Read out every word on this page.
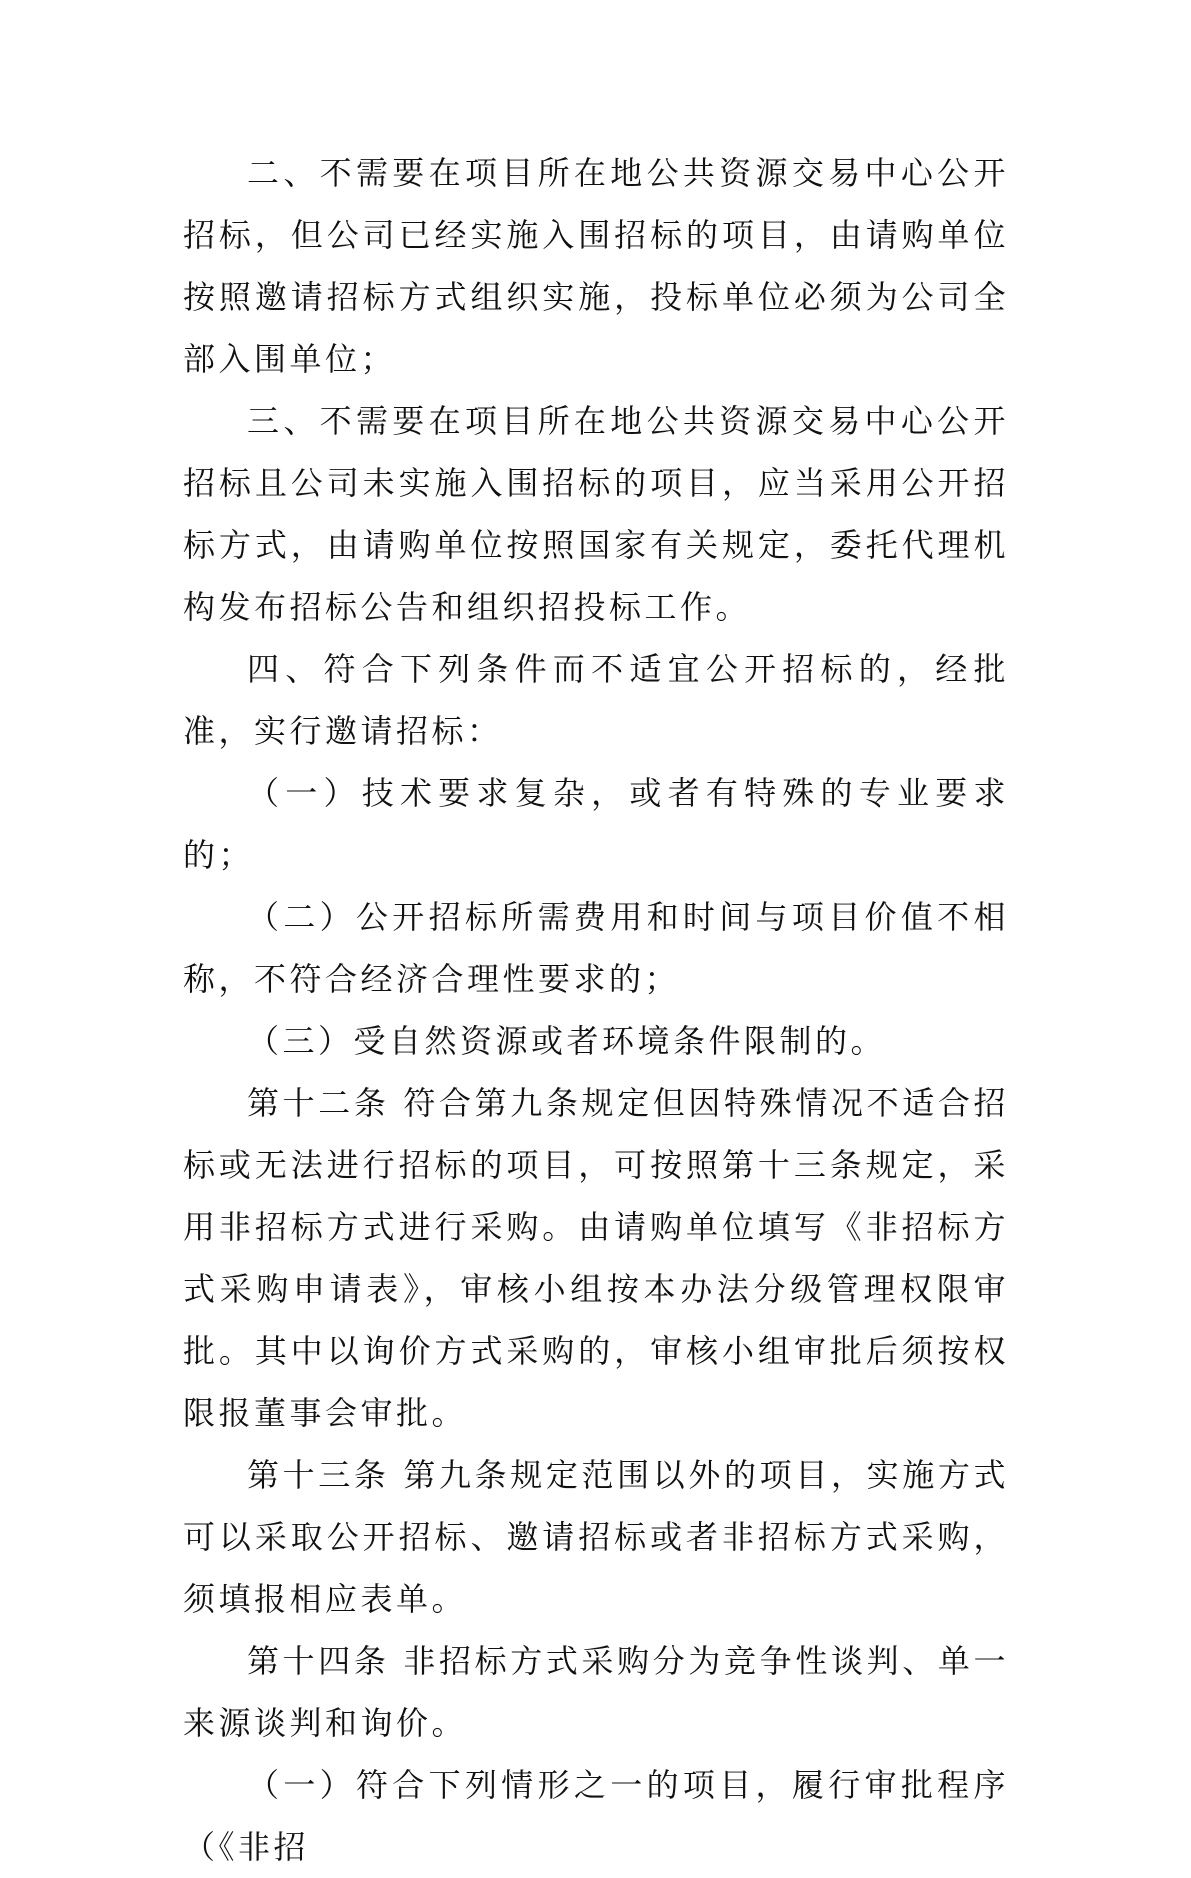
二、不需要在项目所在地公共资源交易中心公开招标，但公司已经实施入围招标的项目，由请购单位按照邀请招标方式组织实施，投标单位必须为公司全部入围单位；

三、不需要在项目所在地公共资源交易中心公开招标且公司未实施入围招标的项目，应当采用公开招标方式，由请购单位按照国家有关规定，委托代理机构发布招标公告和组织招投标工作。

四、符合下列条件而不适宜公开招标的，经批准，实行邀请招标：

（一）技术要求复杂，或者有特殊的专业要求的；

（二）公开招标所需费用和时间与项目价值不相称，不符合经济合理性要求的；

（三）受自然资源或者环境条件限制的。

第十二条 符合第九条规定但因特殊情况不适合招标或无法进行招标的项目，可按照第十三条规定，采用非招标方式进行采购。由请购单位填写《非招标方式采购申请表》，审核小组按本办法分级管理权限审批。其中以询价方式采购的，审核小组审批后须按权限报董事会审批。

第十三条 第九条规定范围以外的项目，实施方式可以采取公开招标、邀请招标或者非招标方式采购，须填报相应表单。

第十四条 非招标方式采购分为竞争性谈判、单一来源谈判和询价。

（一）符合下列情形之一的项目，履行审批程序（《非招
